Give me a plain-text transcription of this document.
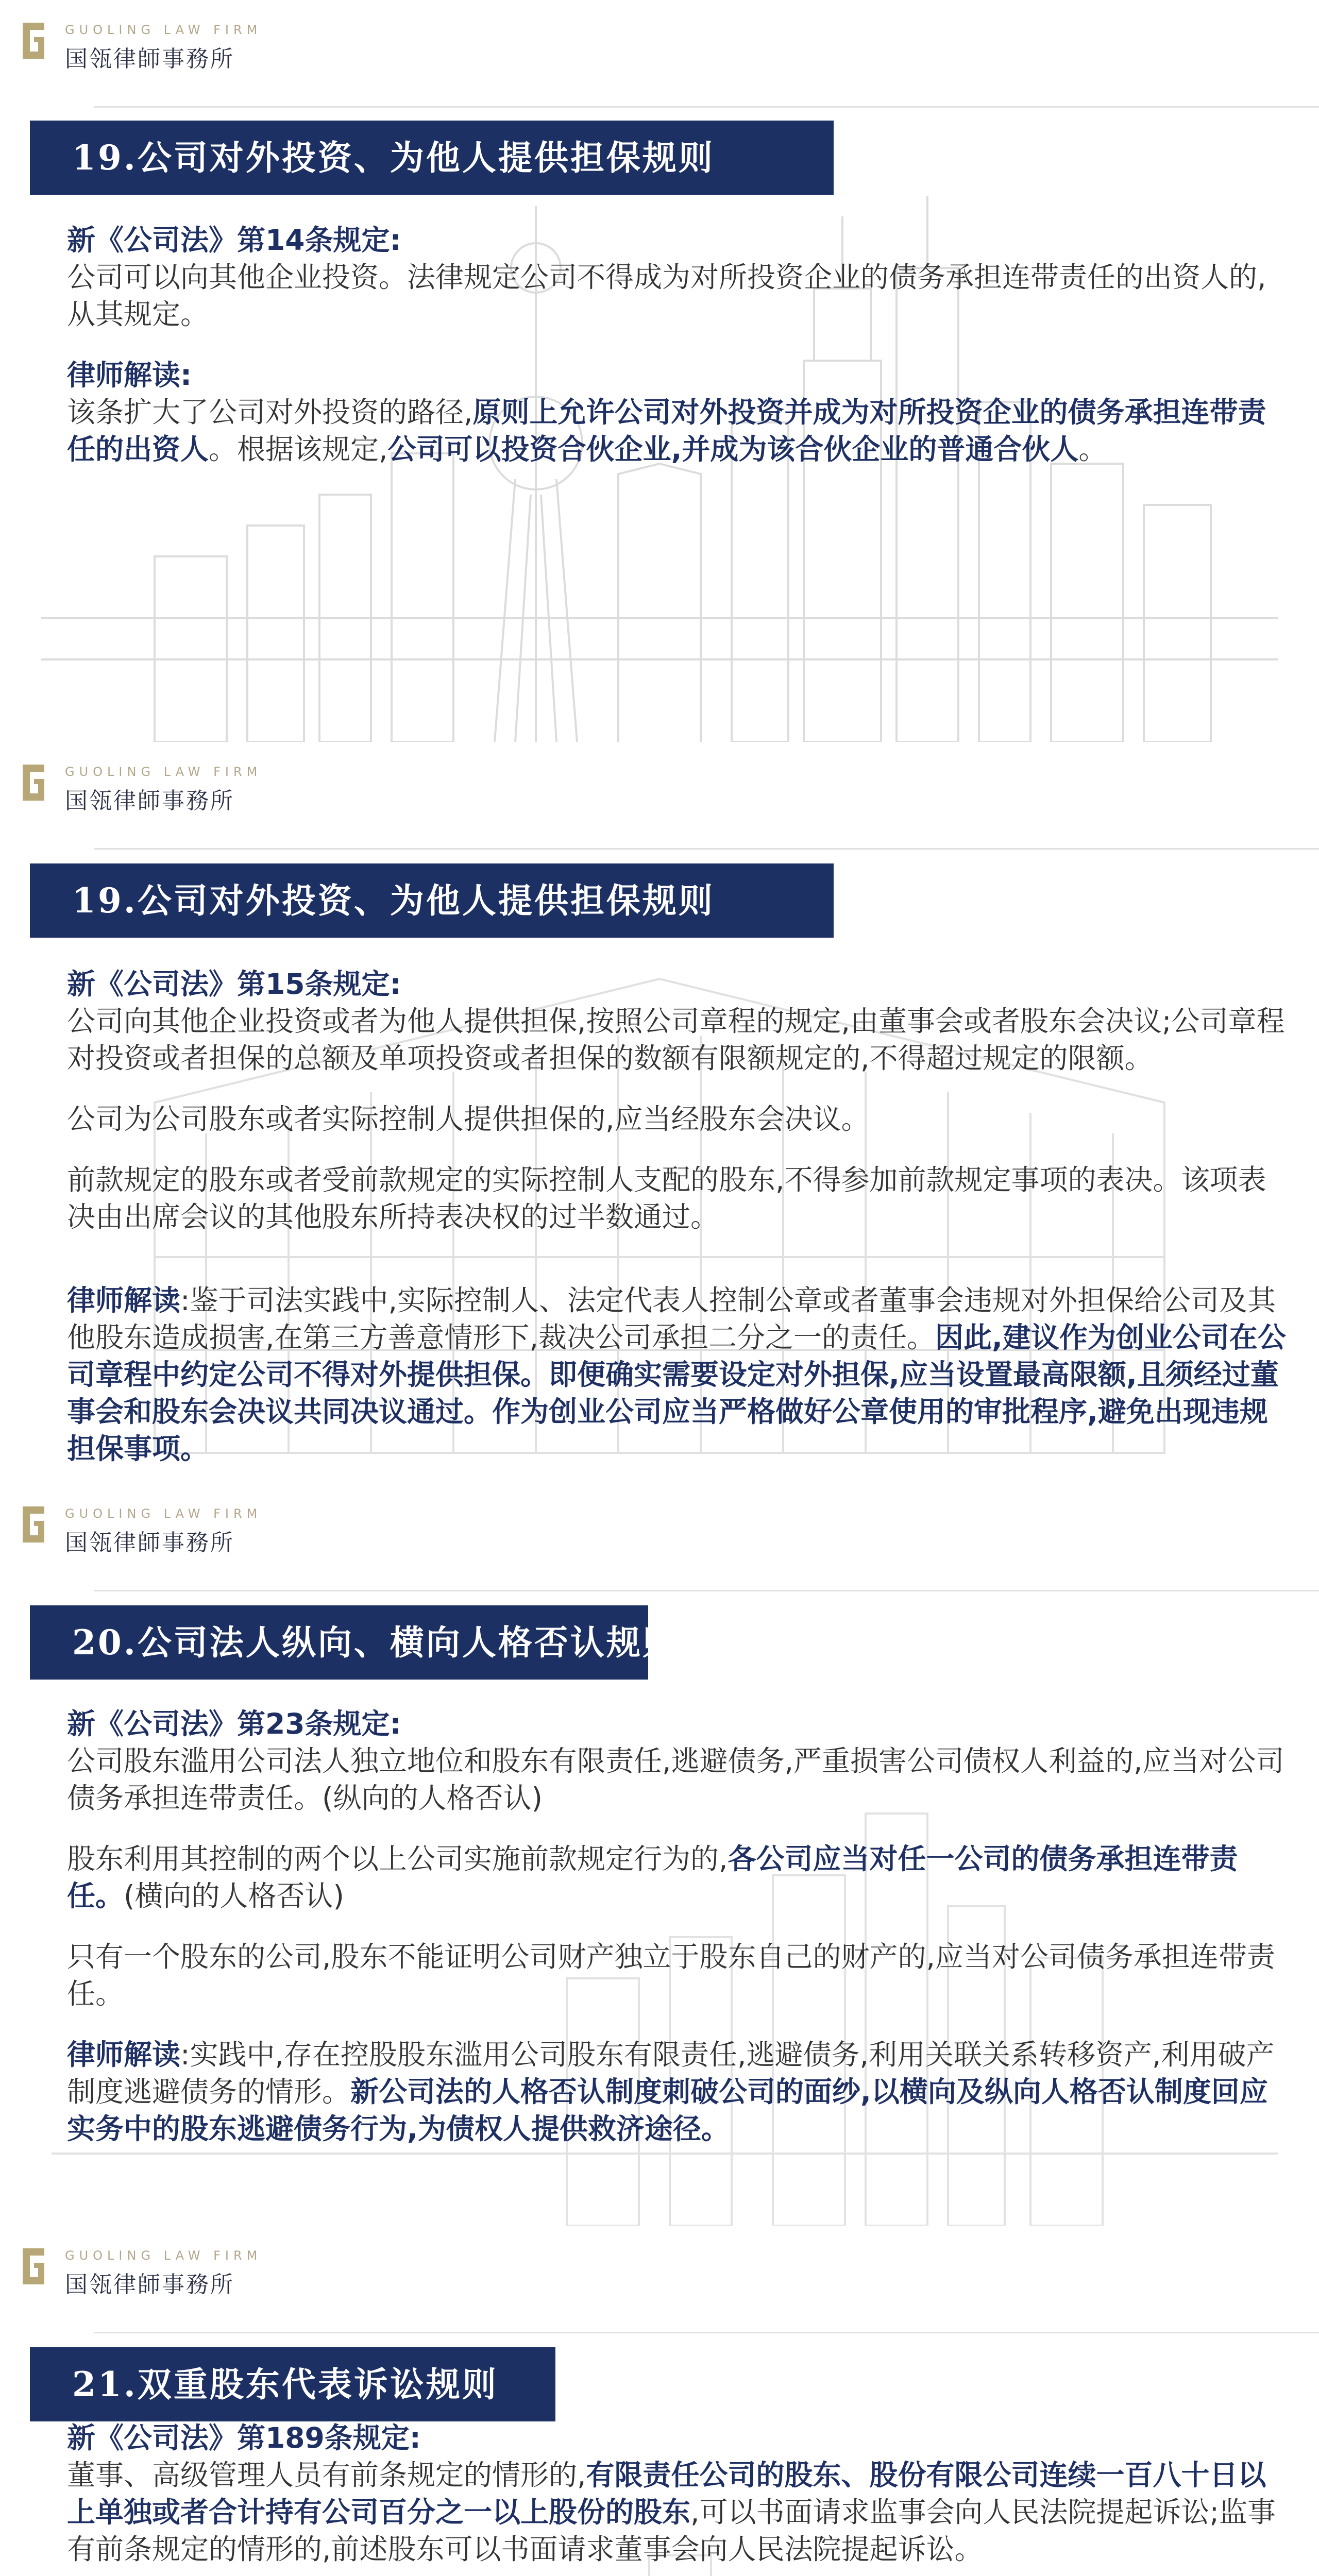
GUOLING LAW FIRM
国瓴律師事務所
19.公司对外投资、为他人提供担保规则

新《公司法》第14条规定:

公司可以向其他企业投资。法律规定公司不得成为对所投资企业的债务承担连带责任的出资人的,从其规定。

律师解读:

该条扩大了公司对外投资的路径,原则上允许公司对外投资并成为对所投资企业的债务承担连带责任的出资人。根据该规定,公司可以投资合伙企业,并成为该合伙企业的普通合伙人。

GUOLING LAW FIRM
国瓴律師事務所
19.公司对外投资、为他人提供担保规则

新《公司法》第15条规定:

公司向其他企业投资或者为他人提供担保,按照公司章程的规定,由董事会或者股东会决议;公司章程对投资或者担保的总额及单项投资或者担保的数额有限额规定的,不得超过规定的限额。

公司为公司股东或者实际控制人提供担保的,应当经股东会决议。

前款规定的股东或者受前款规定的实际控制人支配的股东,不得参加前款规定事项的表决。该项表决由出席会议的其他股东所持表决权的过半数通过。

律师解读:鉴于司法实践中,实际控制人、法定代表人控制公章或者董事会违规对外担保给公司及其他股东造成损害,在第三方善意情形下,裁决公司承担二分之一的责任。因此,建议作为创业公司在公司章程中约定公司不得对外提供担保。即便确实需要设定对外担保,应当设置最高限额,且须经过董事会和股东会决议共同决议通过。作为创业公司应当严格做好公章使用的审批程序,避免出现违规担保事项。

GUOLING LAW FIRM
国瓴律師事務所
20.公司法人纵向、横向人格否认规则

新《公司法》第23条规定:

公司股东滥用公司法人独立地位和股东有限责任,逃避债务,严重损害公司债权人利益的,应当对公司债务承担连带责任。(纵向的人格否认)

股东利用其控制的两个以上公司实施前款规定行为的,各公司应当对任一公司的债务承担连带责任。(横向的人格否认)

只有一个股东的公司,股东不能证明公司财产独立于股东自己的财产的,应当对公司债务承担连带责任。

律师解读:实践中,存在控股股东滥用公司股东有限责任,逃避债务,利用关联关系转移资产,利用破产制度逃避债务的情形。新公司法的人格否认制度刺破公司的面纱,以横向及纵向人格否认制度回应实务中的股东逃避债务行为,为债权人提供救济途径。

GUOLING LAW FIRM
国瓴律師事務所
21.双重股东代表诉讼规则

新《公司法》第189条规定:

董事、高级管理人员有前条规定的情形的,有限责任公司的股东、股份有限公司连续一百八十日以上单独或者合计持有公司百分之一以上股份的股东,可以书面请求监事会向人民法院提起诉讼;监事有前条规定的情形的,前述股东可以书面请求董事会向人民法院提起诉讼。
